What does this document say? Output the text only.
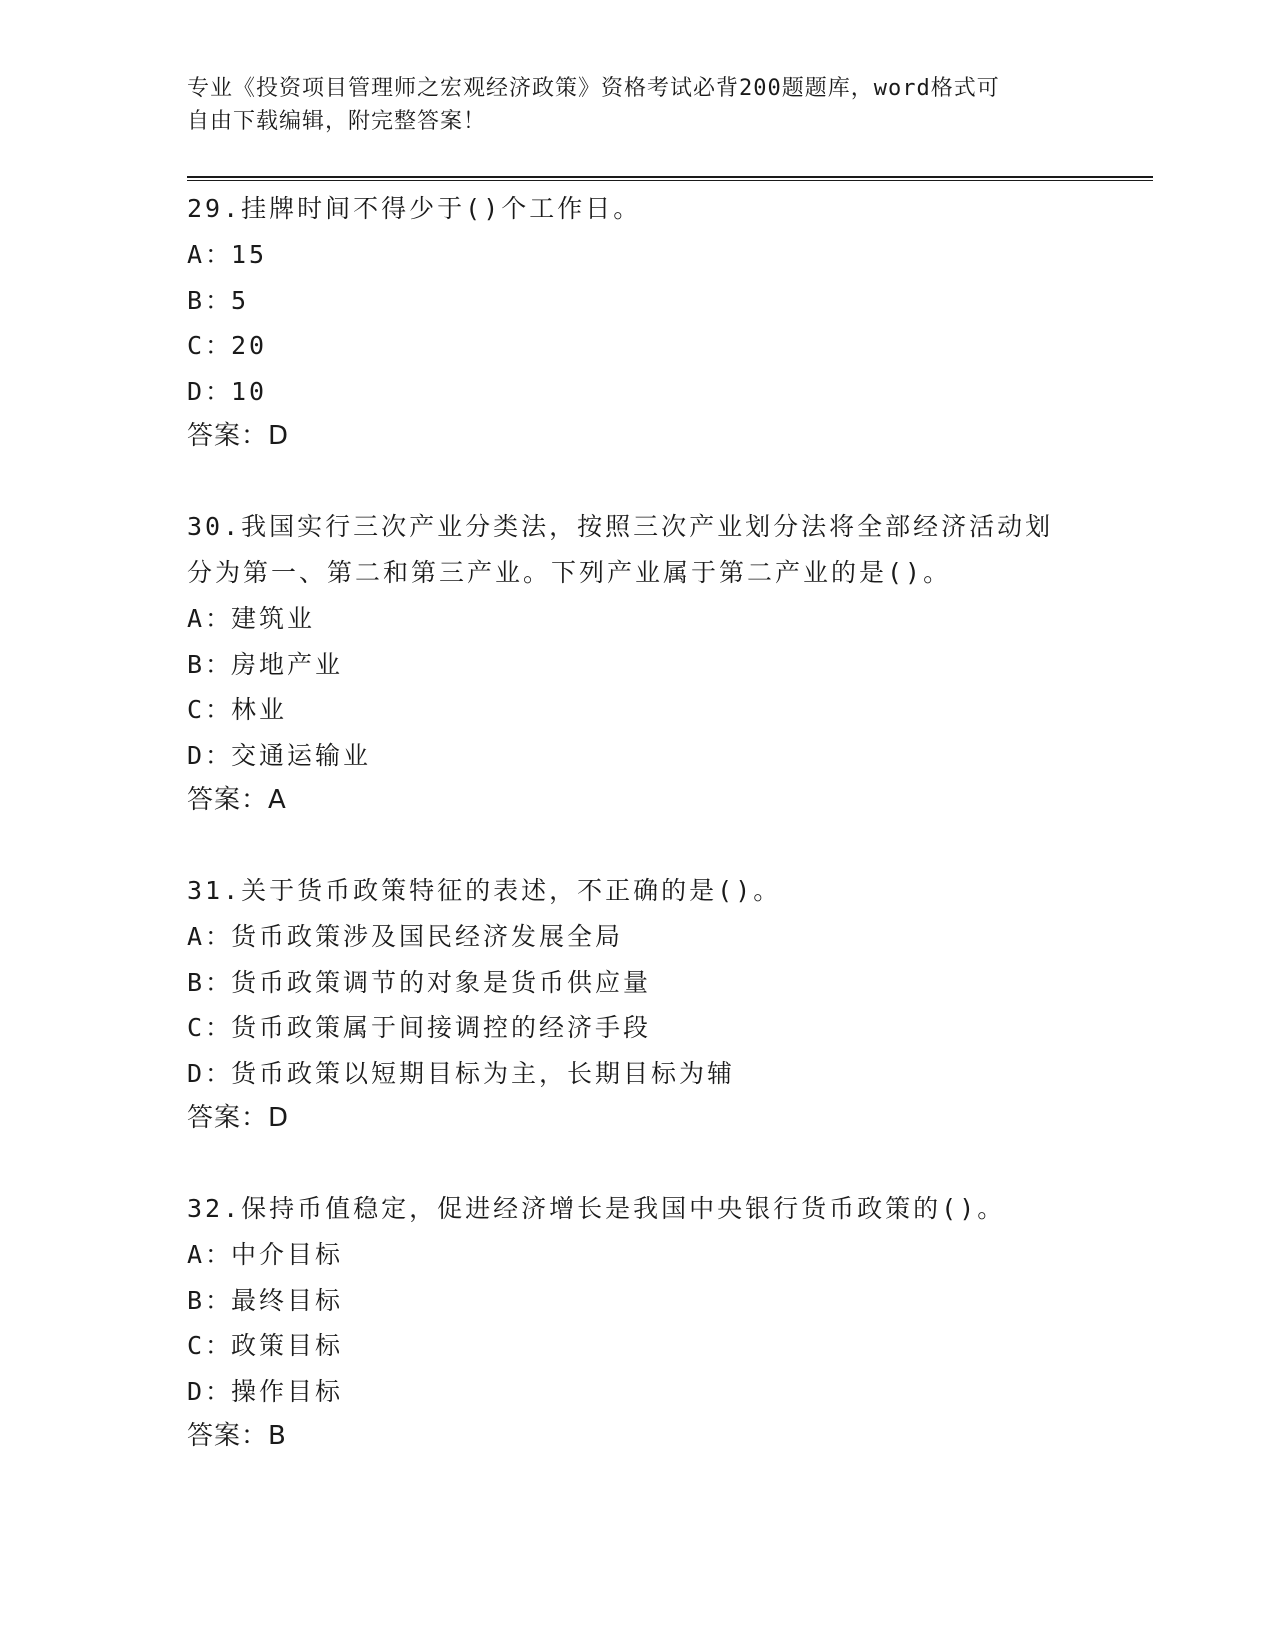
专业《投资项目管理师之宏观经济政策》资格考试必背200题题库，word格式可
自由下载编辑，附完整答案！

29.挂牌时间不得少于()个工作日。

A：15

B：5

C：20

D：10

答案：D

30.我国实行三次产业分类法，按照三次产业划分法将全部经济活动划分为第一、第二和第三产业。下列产业属于第二产业的是()。

A：建筑业

B：房地产业

C：林业

D：交通运输业

答案：A

31.关于货币政策特征的表述，不正确的是()。

A：货币政策涉及国民经济发展全局

B：货币政策调节的对象是货币供应量

C：货币政策属于间接调控的经济手段

D：货币政策以短期目标为主，长期目标为辅

答案：D

32.保持币值稳定，促进经济增长是我国中央银行货币政策的()。

A：中介目标

B：最终目标

C：政策目标

D：操作目标

答案：B
